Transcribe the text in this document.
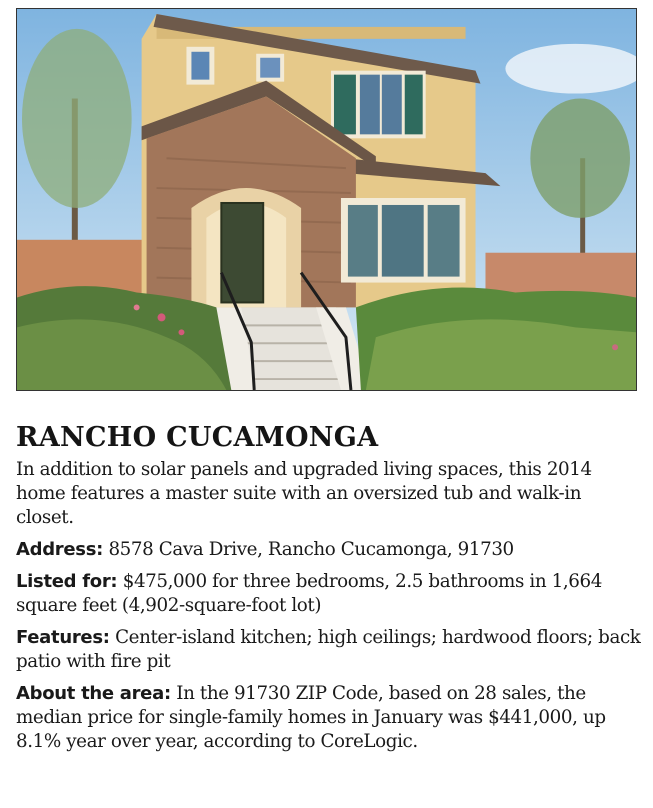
RANCHO CUCAMONGA

In addition to solar panels and upgraded living spaces, this 2014 home features a master suite with an oversized tub and walk-in closet.

Address: 8578 Cava Drive, Rancho Cucamonga, 91730

Listed for: $475,000 for three bedrooms, 2.5 bathrooms in 1,664 square feet (4,902-square-foot lot)

Features: Center-island kitchen; high ceilings; hardwood floors; back patio with fire pit

About the area: In the 91730 ZIP Code, based on 28 sales, the median price for single-family homes in January was $441,000, up 8.1% year over year, according to CoreLogic.
